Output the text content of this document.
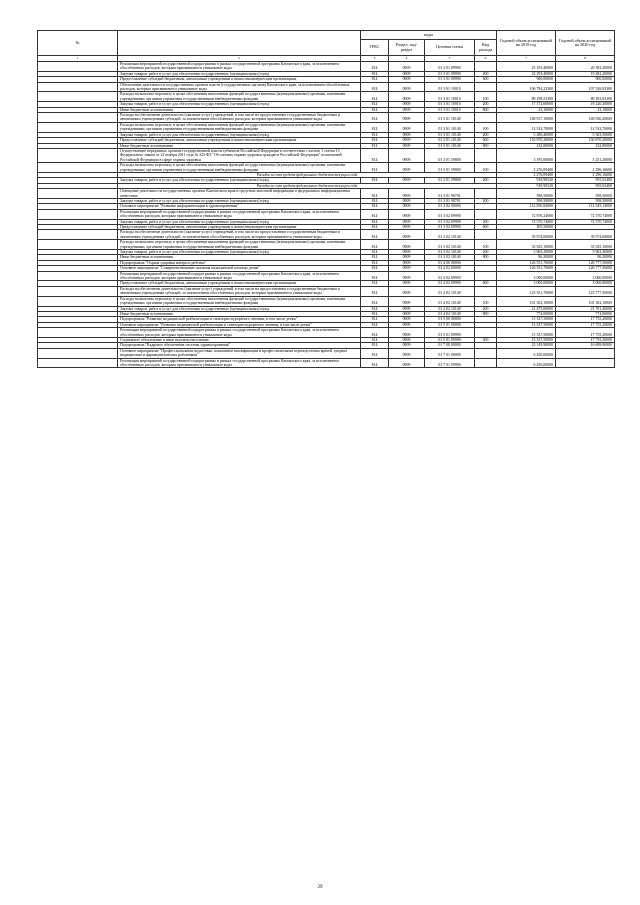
№		коды				Годовой объем ассигнований на 2019 год	Годовой объем ассигнований на 2020 год
		ГРБС	Раздел, под-раздел	Целевая статья	Вид расхода		
1	2	3	4	5	6	7	8
	Реализация мероприятий государственной подпрограммы в рамках государственной программы Камчатского края, за исключением обособленных расходов, которым присваиваются уникальные коды	814	0909	01 3 01 09990		23 193,40000	20 382,20000
	Закупка товаров, работ и услуг для обеспечения государственных (муниципальных) нужд	814	0909	01 3 01 09990	200	22 293,40000	19 482,20000
	Предоставление субсидий бюджетным, автономным учреждениям и иным некоммерческим организациям	814	0909	01 3 01 09990	600	900,00000	900,00000
	Обеспечение деятельности государственных органов власти (государственных органов) Камчатского края, за исключением обособленных расходов, которым присваиваются уникальные коды	814	0909	01 3 01 10010		106 794,23300	107 526,93300
	Расходы на выплаты персоналу в целях обеспечения выполнения функций государственными (муниципальными) органами, казенными учреждениями, органами управления государственными внебюджетными фондами	814	0909	01 3 01 10010	100	89 198,53300	89 283,83300
	Закупка товаров, работ и услуг для обеспечения государственных (муниципальных) нужд	814	0909	01 3 01 10010	200	17 572,60000	18 220,20000
	Иные бюджетные ассигнования	814	0909	01 3 01 10010	800	23,10000	23,10000
	Расходы на обеспечение деятельности (оказание услуг) учреждений, в том числе на предоставление государственным бюджетным и автономным учреждениям субсидий, за исключением обособленных расходов, которым присваиваются уникальные коды	814	0909	01 3 01 10140		168 917,10000	169 030,20000
	Расходы на выплаты персоналу в целях обеспечения выполнения функций государственными (муниципальными) органами, казенными учреждениями, органами управления государственными внебюджетными фондами	814	0909	01 3 01 10140	100	12 533,70000	12 533,70000
	Закупка товаров, работ и услуг для обеспечения государственных (муниципальных) нужд	814	0909	01 3 01 10140	200	5 280,40000	5 363,50000
	Предоставление субсидий бюджетным, автономным учреждениям и иным некоммерческим организациям	814	0909	01 3 01 10140	600	150 870,20000	150 870,20000
	Иные бюджетные ассигнования	814	0909	01 3 01 10140	800	232,80000	232,80000
	Осуществление переданных органам государственной власти субъектов Российской Федерации в соответствии с частью 1 статьи 15 Федерального закона от 21 ноября 2011 года № 323-ФЗ "Об основах охраны здоровья граждан в Российской Федерации" полномочий Российской Федерации в сфере охраны здоровья	814	0909	01 3 01 59800		3 195,00000	3 251,20000
	Расходы на выплаты персоналу в целях обеспечения выполнения функций государственными (муниципальными) органами, казенными учреждениями, органами управления государственными внебюджетными фондами	814	0909	01 3 01 59800	100	2 276,09400	2 296,16600
	Расходы за счет средств федерального бюджета текущего года					2 276,09400	2 296,16600
	Закупка товаров, работ и услуг для обеспечения государственных (муниципальных) нужд	814	0909	01 3 01 59800	200	918,90520	955,03400
	Расходы за счет средств федерального бюджета текущего года					918,90520	955,03400
	Освещение деятельности государственных органов Камчатского края и средствах массовой информации и федеральных информационных агентствах	814	0909	01 3 01 98701		598,50000	598,50000
	Закупка товаров, работ и услуг для обеспечения государственных (муниципальных) нужд	814	0909	01 3 01 98701	200	598,50000	598,50000
	Основное мероприятие "Развитие информатизации в здравоохранении"	814	0909	01 3 02 00000		112 850,84000	112 545,14000
	Реализация мероприятий государственной подпрограммы в рамках государственной программы Камчатского края, за исключением обособленных расходов, которым присваиваются уникальные коды	814	0909	01 3 02 09990		72 876,24000	72 570,74000
	Закупка товаров, работ и услуг для обеспечения государственных (муниципальных) нужд	814	0909	01 3 02 09990	200	72 570,74000	72 570,74000
	Предоставление субсидий бюджетным, автономным учреждениям и иным некоммерческим организациям	814	0909	01 3 02 09990	600	305,50000	
	Расходы на обеспечение деятельности (оказание услуг) учреждений, в том числе на предоставление государственным бюджетным и автономным учреждениям субсидий, за исключением обособленных расходов, которым присваиваются уникальные коды	814	0909	01 3 02 10140		39 974,60000	39 974,60000
	Расходы на выплаты персоналу в целях обеспечения выполнения функций государственными (муниципальными) органами, казенными учреждениями, органами управления государственными внебюджетными фондами	814	0909	01 3 02 10140	100	33 925,10000	33 925,10000
	Закупка товаров, работ и услуг для обеспечения государственных (муниципальных) нужд	814	0909	01 3 02 10140	200	5 963,20000	5 963,30000
	Иные бюджетные ассигнования	814	0909	01 3 02 10140	800	86,20000	86,20000
	Подпрограмма "Охрана здоровья матери и ребенка"	814	0909	01 4 00 00000		126 551,70000	126 777,50000
	Основное мероприятие "Совершенствование оказания медицинской помощи детям"	814	0909	01 4 02 00000		126 551,70000	126 777,50000
	Реализация мероприятий государственной подпрограммы в рамках государственной программы Камчатского края, за исключением обособленных расходов, которым присваиваются уникальные коды	814	0909	01 4 02 09990		3 000,00000	3 000,00000
	Предоставление субсидий бюджетным, автономным учреждениям и иным некоммерческим организациям	814	0909	01 4 02 09990	600	3 000,00000	3 000,00000
	Расходы на обеспечение деятельности (оказание услуг) учреждений, в том числе на предоставление государственным бюджетным и автономным учреждениям субсидий, за исключением обособленных расходов, которым присваиваются уникальные коды	814	0909	01 4 02 10140		123 551,70000	123 777,50000
	Расходы на выплаты персоналу в целях обеспечения выполнения функций государственными (муниципальными) органами, казенными учреждениями, органами управления государственными внебюджетными фондами	814	0909	01 4 02 10140	100	101 302,10000	101 302,10000
	Закупка товаров, работ и услуг для обеспечения государственных (муниципальных) нужд	814	0909	01 4 02 10140	200	21 475,60000	21 701,40000
	Иные бюджетные ассигнования	814	0909	01 4 02 10140	800	774,00000	774,00000
	Подпрограмма "Развитие медицинской реабилитации и санаторно-курортного лечения, в том числе детям"	814	0909	01 5 00 00000		15 337,50000	17 755,20000
	Основное мероприятие "Развитие медицинской реабилитации и санаторно-курортного лечения, в том числе детям"	814	0909	01 5 01 00000		15 337,50000	17 755,20000
	Реализация мероприятий государственной подпрограммы в рамках государственной программы Камчатского края, за исключением обособленных расходов, которым присваиваются уникальные коды	814	0909	01 5 01 09990		15 337,50000	17 755,20000
	Социальное обеспечение и иные выплаты населению	814	0909	01 5 01 09990	300	15 337,50000	17 755,20000
	Подпрограмма "Кадровое обеспечение системы здравоохранения"	814	0909	01 7 00 00000		23 149,90000	16 699,90000
	Основное мероприятие "Профессиональная подготовка, повышение квалификации и профессиональная переподготовка врачей, средних медицинских и фармацевтических работников"	814	0909	01 7 01 00000		6 450,00000	
	Реализация мероприятий государственной подпрограммы в рамках государственной программы Камчатского края, за исключением обособленных расходов, которым присваиваются уникальные коды	814	0909	01 7 01 09990		6 450,00000	
29
